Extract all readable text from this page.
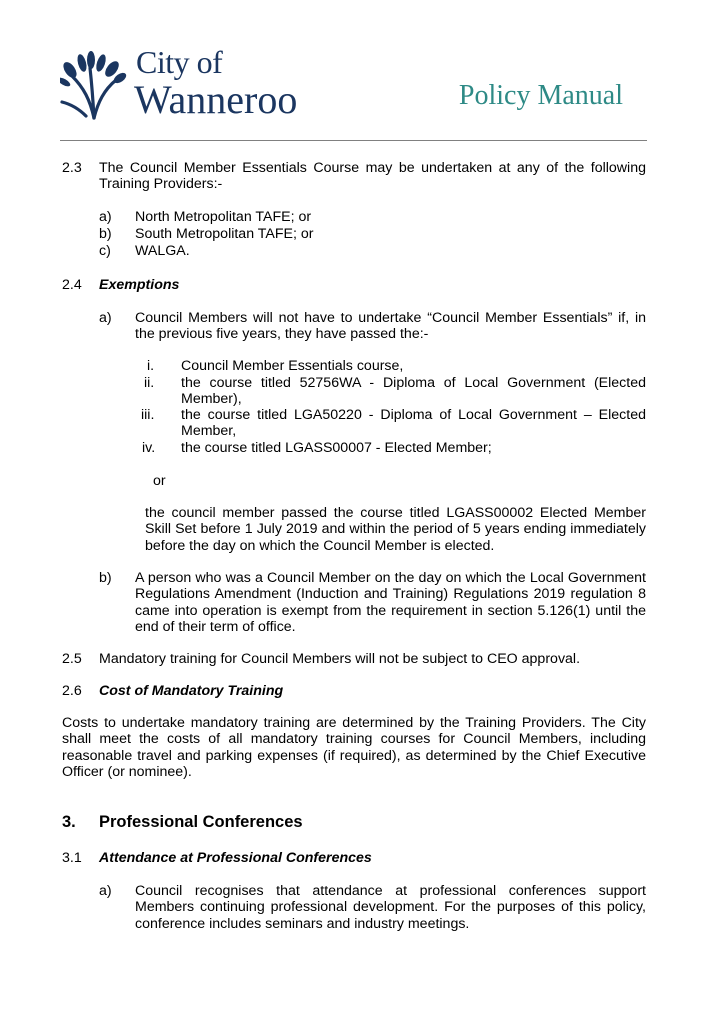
City of
Wanneroo	Policy Manual
2.3 The Council Member Essentials Course may be undertaken at any of the following Training Providers:-
a) North Metropolitan TAFE; or
b) South Metropolitan TAFE; or
c) WALGA.
2.4 Exemptions
a) Council Members will not have to undertake “Council Member Essentials” if, in the previous five years, they have passed the:-
i. Council Member Essentials course,
ii. the course titled 52756WA - Diploma of Local Government (Elected Member),
iii. the course titled LGA50220 - Diploma of Local Government – Elected Member,
iv. the course titled LGASS00007 - Elected Member;
or
the council member passed the course titled LGASS00002 Elected Member Skill Set before 1 July 2019 and within the period of 5 years ending immediately before the day on which the Council Member is elected.
b) A person who was a Council Member on the day on which the Local Government Regulations Amendment (Induction and Training) Regulations 2019 regulation 8 came into operation is exempt from the requirement in section 5.126(1) until the end of their term of office.
2.5 Mandatory training for Council Members will not be subject to CEO approval.
2.6 Cost of Mandatory Training
Costs to undertake mandatory training are determined by the Training Providers. The City shall meet the costs of all mandatory training courses for Council Members, including reasonable travel and parking expenses (if required), as determined by the Chief Executive Officer (or nominee).
3. Professional Conferences
3.1 Attendance at Professional Conferences
a) Council recognises that attendance at professional conferences support Members continuing professional development. For the purposes of this policy, conference includes seminars and industry meetings.
